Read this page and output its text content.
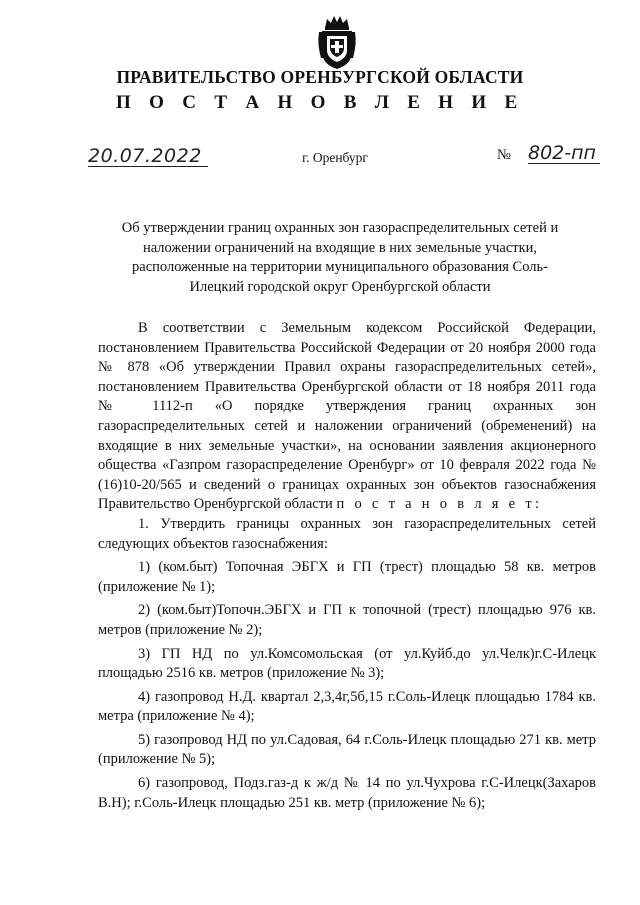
ПРАВИТЕЛЬСТВО ОРЕНБУРГСКОЙ ОБЛАСТИ
П О С Т А Н О В Л Е Н И Е
20.07.2022	г. Оренбург	№ 802-пп
Об утверждении границ охранных зон газораспределительных сетей и наложении ограничений на входящие в них земельные участки, расположенные на территории муниципального образования Соль-Илецкий городской округ Оренбургской области

В соответствии с Земельным кодексом Российской Федерации, постановлением Правительства Российской Федерации от 20 ноября 2000 года № 878 «Об утверждении Правил охраны газораспределительных сетей», постановлением Правительства Оренбургской области от 18 ноября 2011 года № 1112-п «О порядке утверждения границ охранных зон газораспределительных сетей и наложении ограничений (обременений) на входящие в них земельные участки», на основании заявления акционерного общества «Газпром газораспределение Оренбург» от 10 февраля 2022 года № (16)10-20/565 и сведений о границах охранных зон объектов газоснабжения Правительство Оренбургской области п о с т а н о в л я е т:

1. Утвердить границы охранных зон газораспределительных сетей следующих объектов газоснабжения:

1) (ком.быт) Топочная ЭБГХ и ГП (трест) площадью 58 кв. метров (приложение № 1);

2) (ком.быт)Топочн.ЭБГХ и ГП к топочной (трест) площадью 976 кв. метров (приложение № 2);

3) ГП НД по ул.Комсомольская (от ул.Куйб.до ул.Челк)г.С-Илецк площадью 2516 кв. метров (приложение № 3);

4) газопровод Н.Д. квартал 2,3,4г,5б,15 г.Соль-Илецк площадью 1784 кв. метра (приложение № 4);

5) газопровод НД по ул.Садовая, 64 г.Соль-Илецк площадью 271 кв. метр (приложение № 5);

6) газопровод, Подз.газ-д к ж/д № 14 по ул.Чухрова г.С-Илецк(Захаров В.Н); г.Соль-Илецк площадью 251 кв. метр (приложение № 6);
